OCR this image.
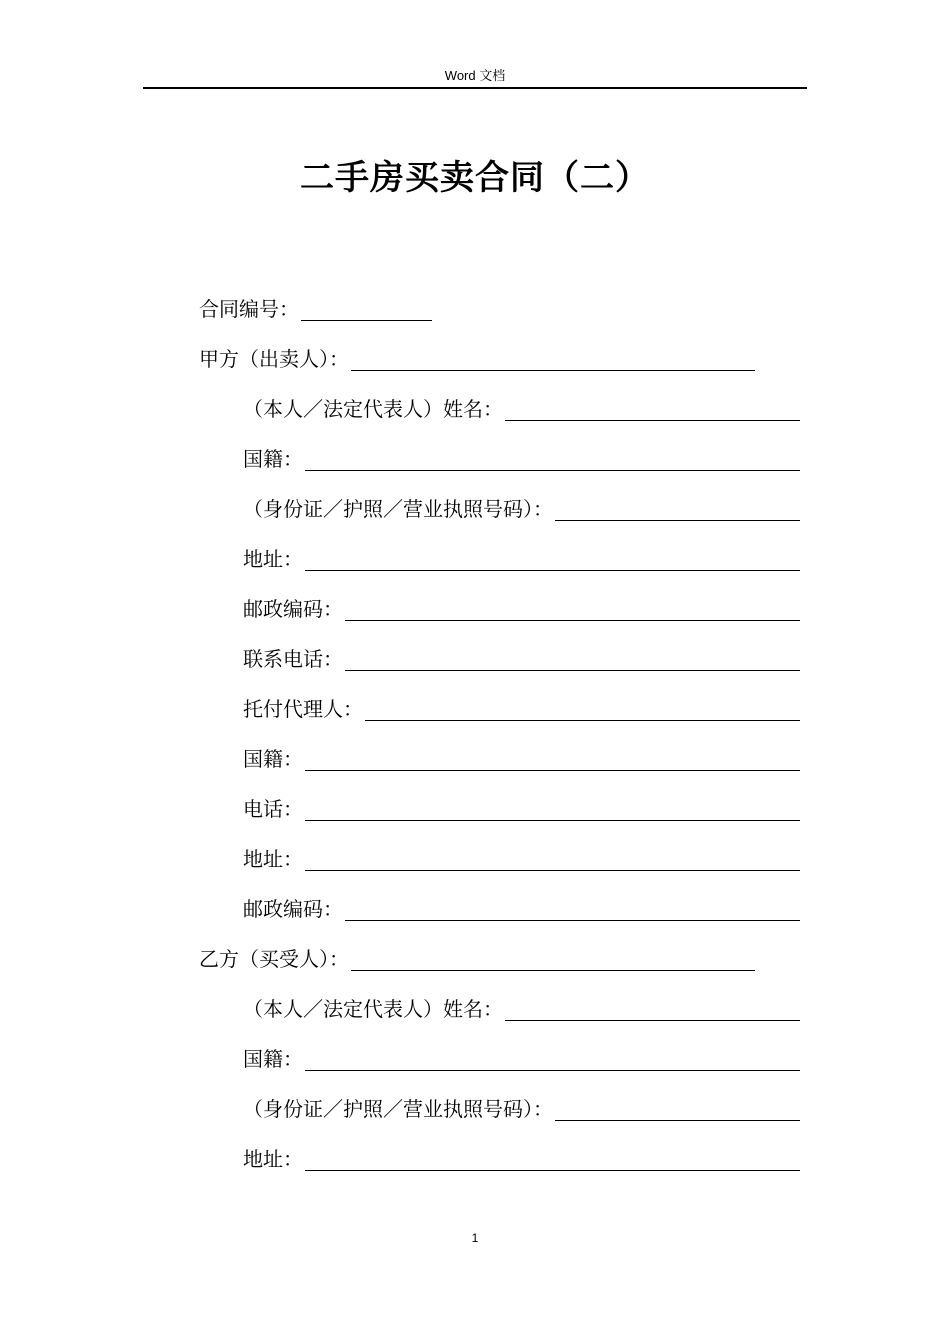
Word 文档
二手房买卖合同（二）
合同编号：
甲方（出卖人）：
（本人／法定代表人）姓名：
国籍：
（身份证／护照／营业执照号码）：
地址：
邮政编码：
联系电话：
托付代理人：
国籍：
电话：
地址：
邮政编码：
乙方（买受人）：
（本人／法定代表人）姓名：
国籍：
（身份证／护照／营业执照号码）：
地址：
1
